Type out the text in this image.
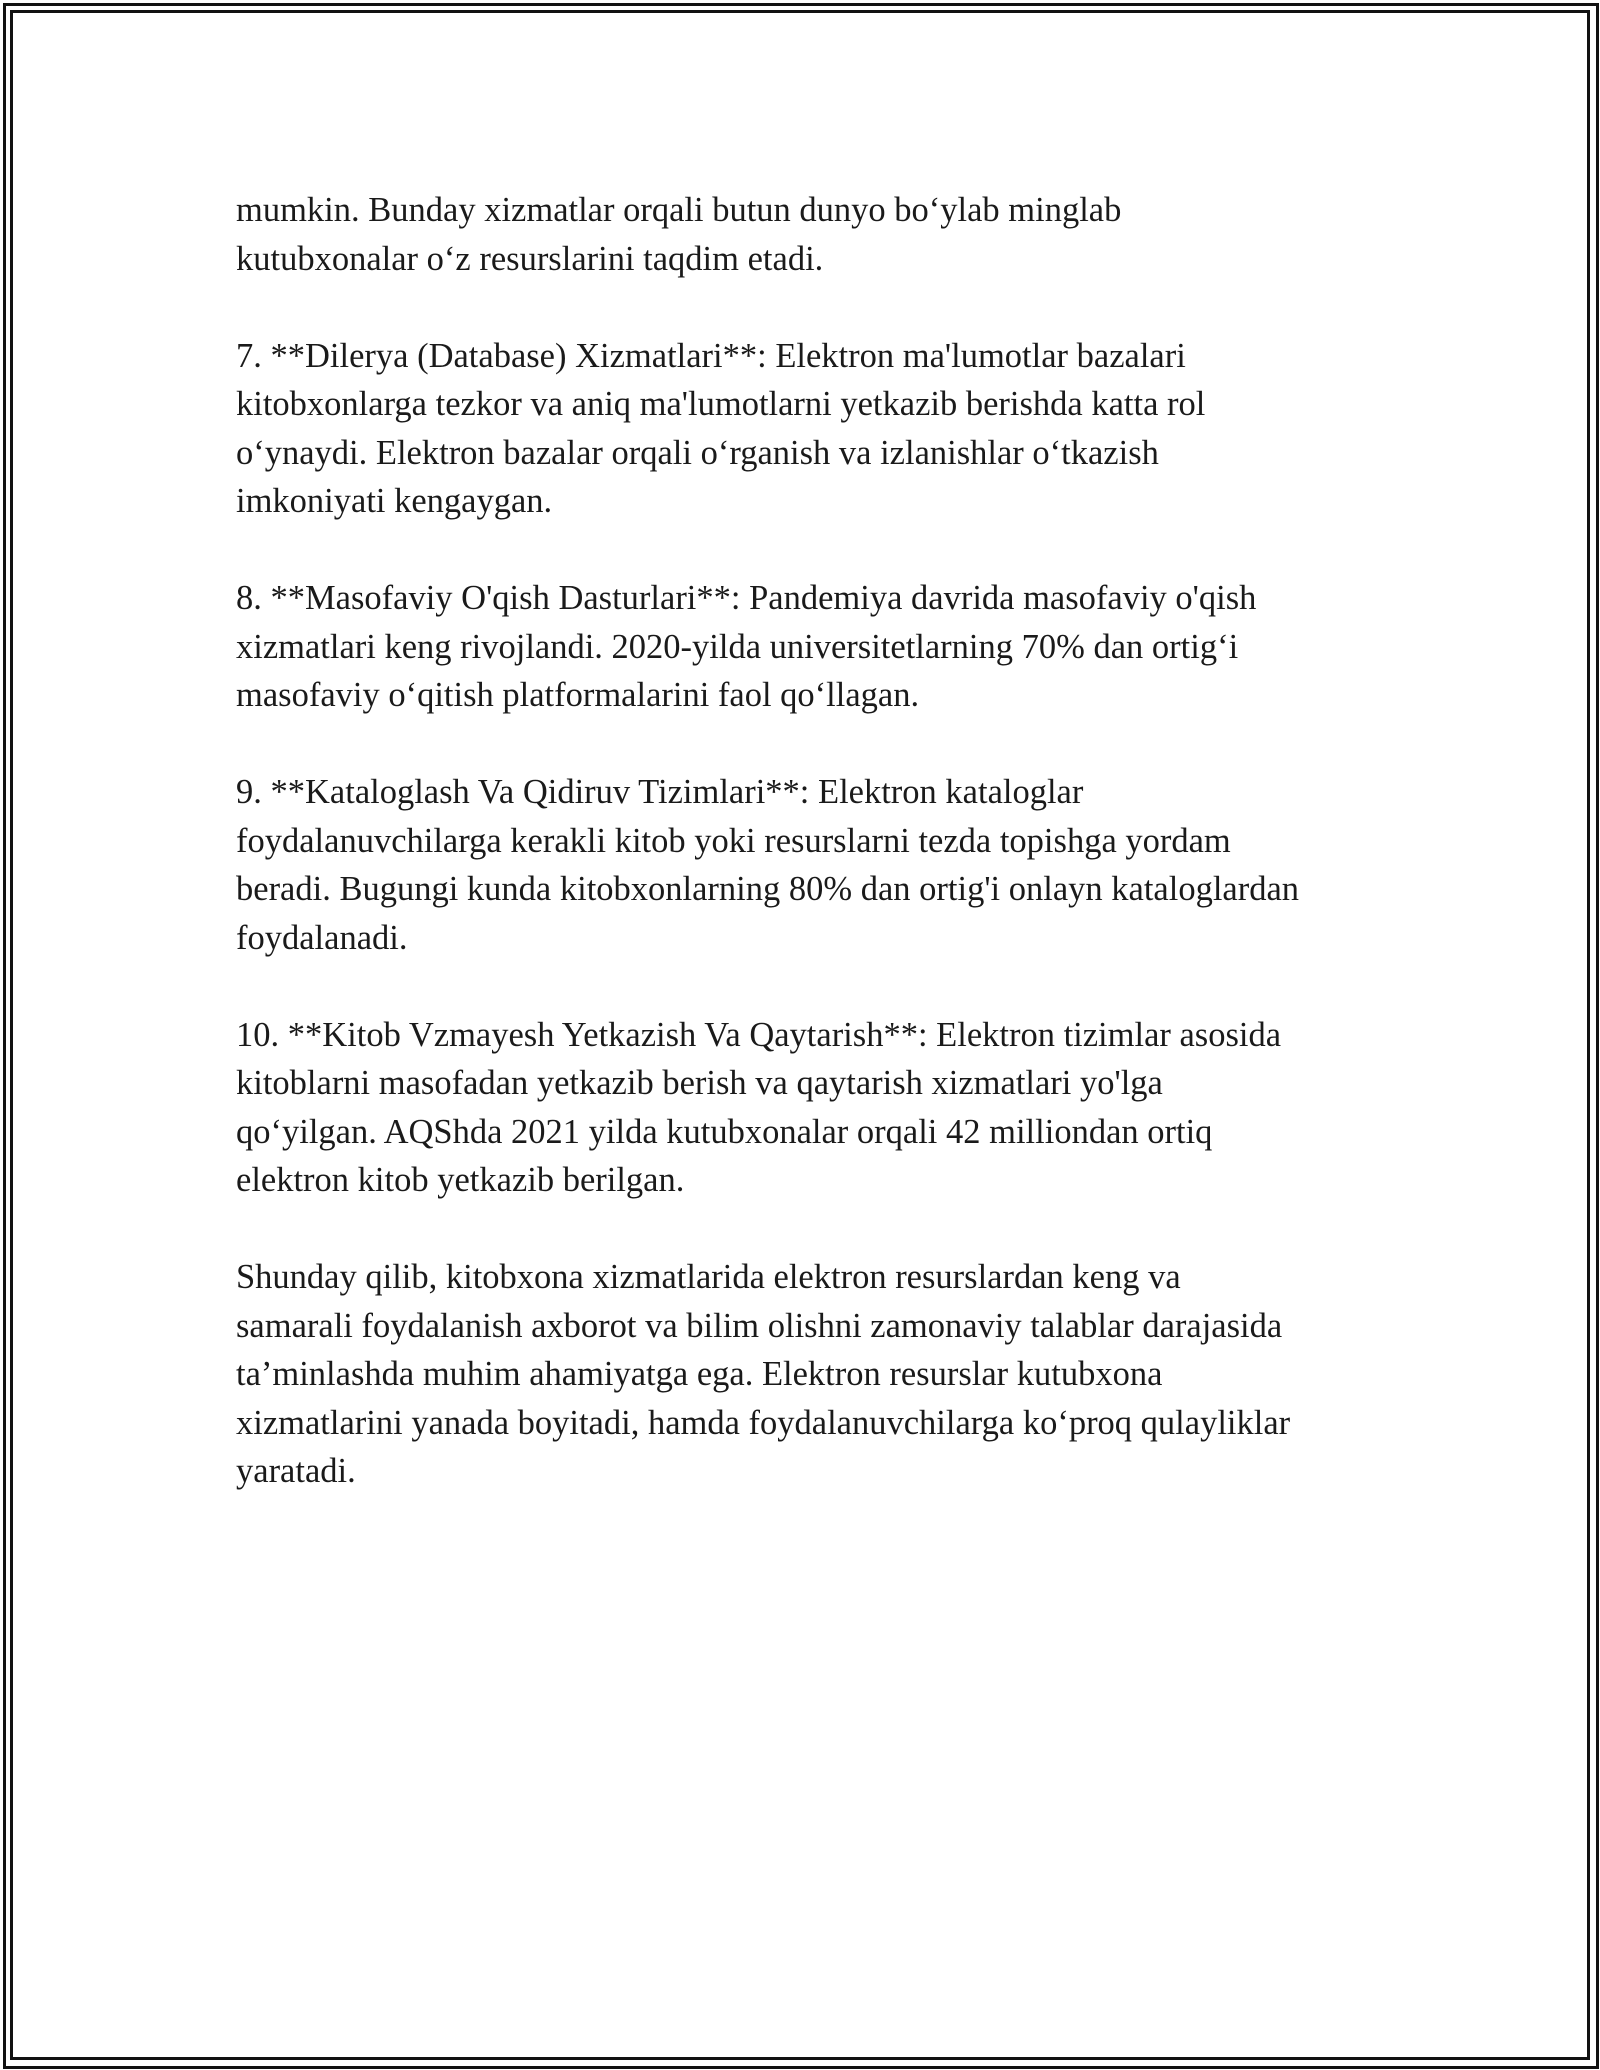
mumkin. Bunday xizmatlar orqali butun dunyo bo‘ylab minglab
kutubxonalar o‘z resurslarini taqdim etadi.

7. **Dilerya (Database) Xizmatlari**: Elektron ma'lumotlar bazalari
kitobxonlarga tezkor va aniq ma'lumotlarni yetkazib berishda katta rol
o‘ynaydi. Elektron bazalar orqali o‘rganish va izlanishlar o‘tkazish
imkoniyati kengaygan.

8. **Masofaviy O'qish Dasturlari**: Pandemiya davrida masofaviy o'qish
xizmatlari keng rivojlandi. 2020-yilda universitetlarning 70% dan ortig‘i
masofaviy o‘qitish platformalarini faol qo‘llagan.

9. **Kataloglash Va Qidiruv Tizimlari**: Elektron kataloglar
foydalanuvchilarga kerakli kitob yoki resurslarni tezda topishga yordam
beradi. Bugungi kunda kitobxonlarning 80% dan ortig'i onlayn kataloglardan
foydalanadi.

10. **Kitob Vzmayesh Yetkazish Va Qaytarish**: Elektron tizimlar asosida
kitoblarni masofadan yetkazib berish va qaytarish xizmatlari yo'lga
qo‘yilgan. AQShda 2021 yilda kutubxonalar orqali 42 milliondan ortiq
elektron kitob yetkazib berilgan.

Shunday qilib, kitobxona xizmatlarida elektron resurslardan keng va
samarali foydalanish axborot va bilim olishni zamonaviy talablar darajasida
ta’minlashda muhim ahamiyatga ega. Elektron resurslar kutubxona
xizmatlarini yanada boyitadi, hamda foydalanuvchilarga ko‘proq qulayliklar
yaratadi.
